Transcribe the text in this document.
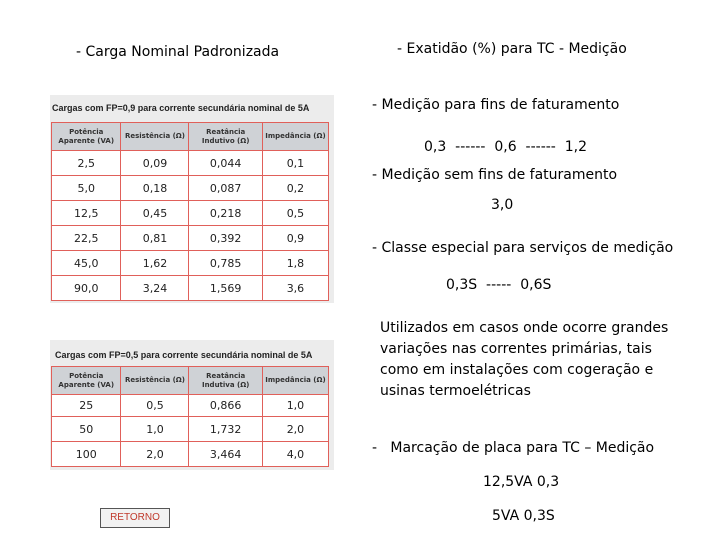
- Carga Nominal Padronizada
Cargas com FP=0,9 para corrente secundária nominal de 5A
Potência Aparente (VA)	Resistência (Ω)	Reatância Indutivo (Ω)	Impedância (Ω)
2,5	0,09	0,044	0,1
5,0	0,18	0,087	0,2
12,5	0,45	0,218	0,5
22,5	0,81	0,392	0,9
45,0	1,62	0,785	1,8
90,0	3,24	1,569	3,6
Cargas com FP=0,5 para corrente secundária nominal de 5A
Potência Aparente (VA)	Resistência (Ω)	Reatância Indutiva (Ω)	Impedância (Ω)
25	0,5	0,866	1,0
50	1,0	1,732	2,0
100	2,0	3,464	4,0
RETORNO
- Exatidão (%) para TC - Medição
- Medição para fins de faturamento
0,3  ------  0,6  ------  1,2
- Medição sem fins de faturamento
3,0
- Classe especial para serviços de medição
0,3S  -----  0,6S
Utilizados em casos onde ocorre grandes
variações nas correntes primárias, tais
como em instalações com cogeração e
usinas termoelétricas
-   Marcação de placa para TC – Medição
12,5VA 0,3
5VA 0,3S
